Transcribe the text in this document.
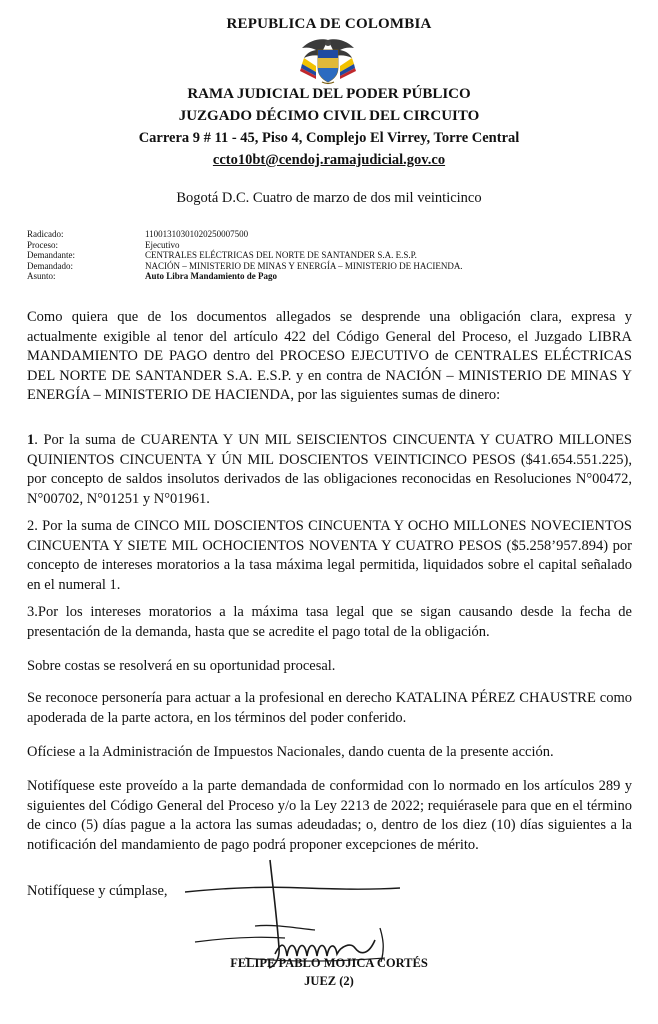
REPUBLICA DE COLOMBIA
RAMA JUDICIAL DEL PODER PÚBLICO
JUZGADO DÉCIMO CIVIL DEL CIRCUITO
Carrera 9 # 11 - 45, Piso 4, Complejo El Virrey, Torre Central
ccto10bt@cendoj.ramajudicial.gov.co
Bogotá D.C. Cuatro de marzo de dos mil veinticinco
Radicado:	11001310301020250007500
Proceso:	Ejecutivo
Demandante:	CENTRALES ELÉCTRICAS DEL NORTE DE SANTANDER S.A. E.S.P.
Demandado:	NACIÓN – MINISTERIO DE MINAS Y ENERGÍA – MINISTERIO DE HACIENDA.
Asunto:	Auto Libra Mandamiento de Pago

Como quiera que de los documentos allegados se desprende una obligación clara, expresa y actualmente exigible al tenor del artículo 422 del Código General del Proceso, el Juzgado LIBRA MANDAMIENTO DE PAGO dentro del PROCESO EJECUTIVO de CENTRALES ELÉCTRICAS DEL NORTE DE SANTANDER S.A. E.S.P. y en contra de NACIÓN – MINISTERIO DE MINAS Y ENERGÍA – MINISTERIO DE HACIENDA, por las siguientes sumas de dinero:

1. Por la suma de CUARENTA Y UN MIL SEISCIENTOS CINCUENTA Y CUATRO MILLONES QUINIENTOS CINCUENTA Y ÚN MIL DOSCIENTOS VEINTICINCO PESOS ($41.654.551.225), por concepto de saldos insolutos derivados de las obligaciones reconocidas en Resoluciones N°00472, N°00702, N°01251 y N°01961.

2. Por la suma de CINCO MIL DOSCIENTOS CINCUENTA Y OCHO MILLONES NOVECIENTOS CINCUENTA Y SIETE MIL OCHOCIENTOS NOVENTA Y CUATRO PESOS ($5.258’957.894) por concepto de intereses moratorios a la tasa máxima legal permitida, liquidados sobre el capital señalado en el numeral 1.

3.Por los intereses moratorios a la máxima tasa legal que se sigan causando desde la fecha de presentación de la demanda, hasta que se acredite el pago total de la obligación.

Sobre costas se resolverá en su oportunidad procesal.

Se reconoce personería para actuar a la profesional en derecho KATALINA PÉREZ CHAUSTRE como apoderada de la parte actora, en los términos del poder conferido.

Ofíciese a la Administración de Impuestos Nacionales, dando cuenta de la presente acción.

Notifíquese este proveído a la parte demandada de conformidad con lo normado en los artículos 289 y siguientes del Código General del Proceso y/o la Ley 2213 de 2022; requiérasele para que en el término de cinco (5) días pague a la actora las sumas adeudadas; o, dentro de los diez (10) días siguientes a la notificación del mandamiento de pago podrá proponer excepciones de mérito.

Notifíquese y cúmplase,

FELIPE PABLO MOJICA CORTÉS
JUEZ (2)
